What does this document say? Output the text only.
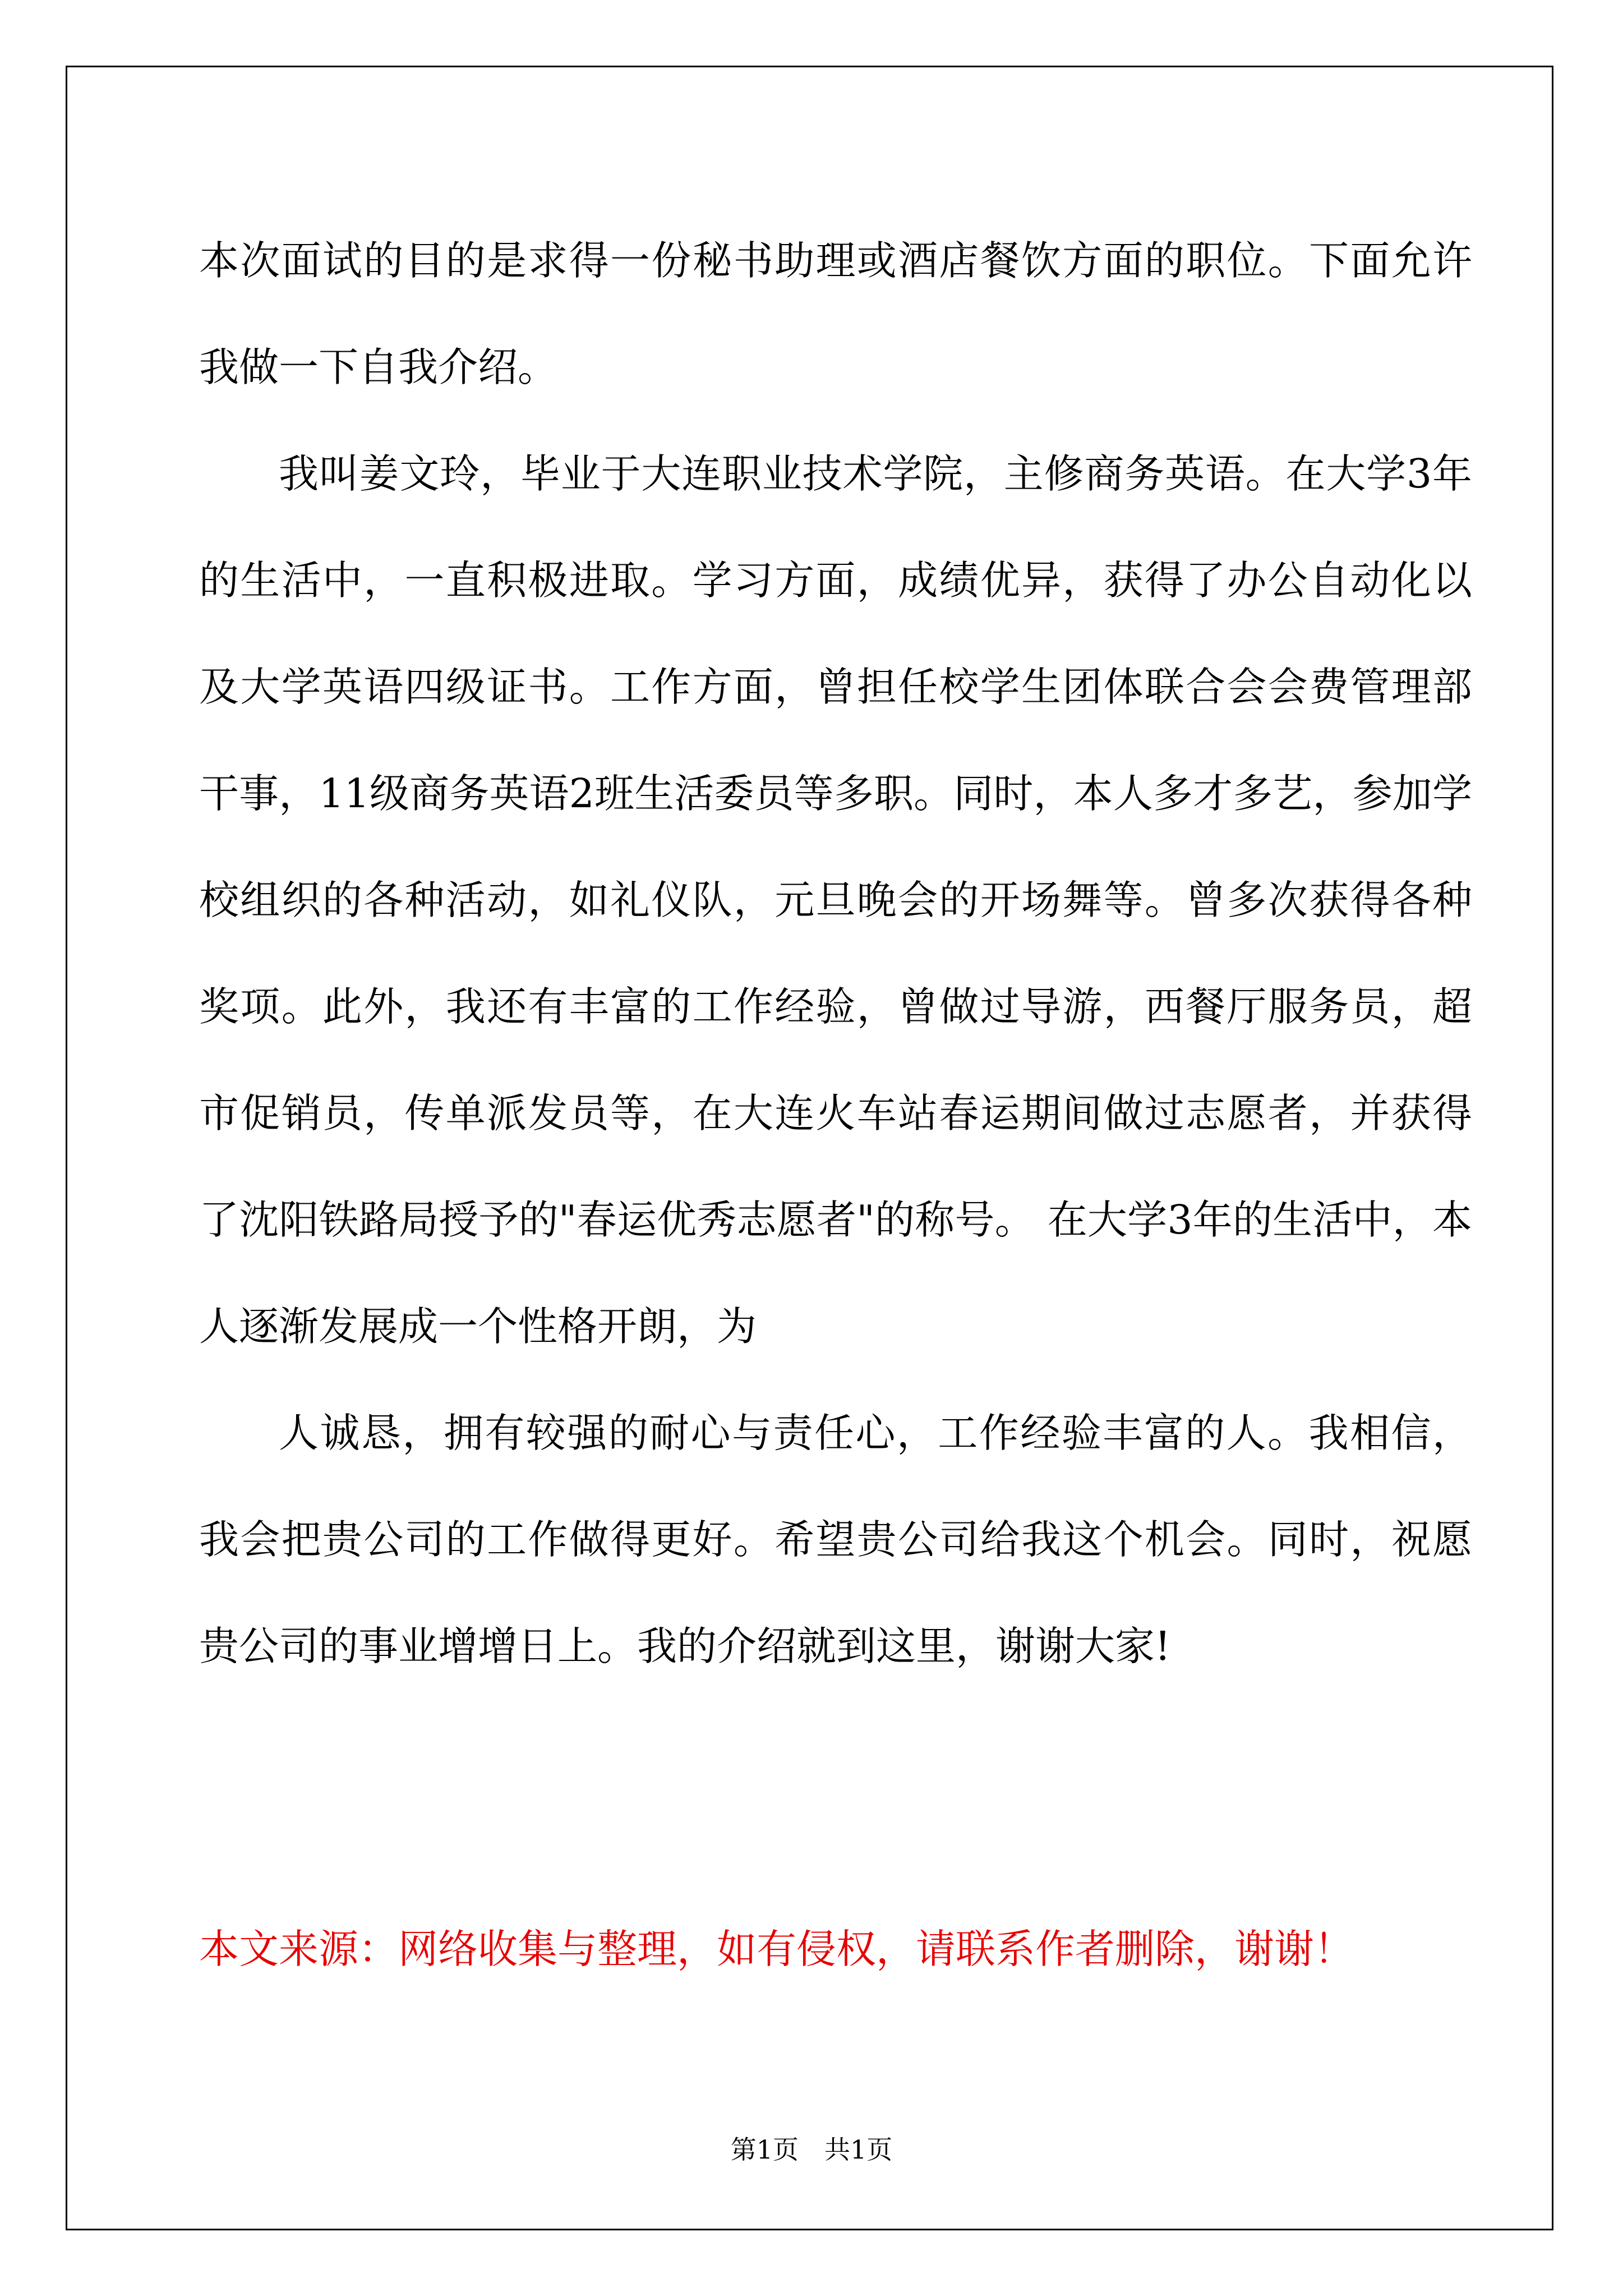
本次面试的目的是求得一份秘书助理或酒店餐饮方面的职位。下面允许我做一下自我介绍。

我叫姜文玲，毕业于大连职业技术学院，主修商务英语。在大学3年的生活中，一直积极进取。学习方面，成绩优异，获得了办公自动化以及大学英语四级证书。工作方面，曾担任校学生团体联合会会费管理部干事，11级商务英语2班生活委员等多职。同时，本人多才多艺，参加学校组织的各种活动，如礼仪队，元旦晚会的开场舞等。曾多次获得各种奖项。此外，我还有丰富的工作经验，曾做过导游，西餐厅服务员，超市促销员，传单派发员等，在大连火车站春运期间做过志愿者，并获得了沈阳铁路局授予的"春运优秀志愿者"的称号。 在大学3年的生活中，本人逐渐发展成一个性格开朗，为

人诚恳，拥有较强的耐心与责任心，工作经验丰富的人。我相信，我会把贵公司的工作做得更好。希望贵公司给我这个机会。同时，祝愿贵公司的事业增增日上。我的介绍就到这里，谢谢大家!

本文来源：网络收集与整理，如有侵权，请联系作者删除，谢谢！
第1页　共1页
